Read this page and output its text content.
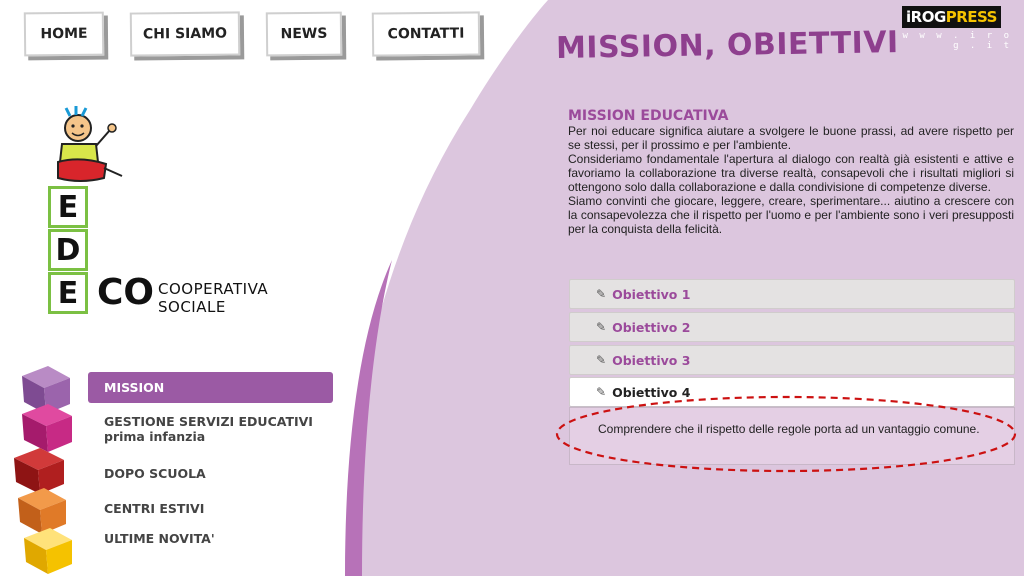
HOME	CHI SIAMO	NEWS	CONTATTI
iROGPRESS
w w w . i r o g . i t
MISSION, OBIETTIVI
MISSION EDUCATIVA

Per noi educare significa aiutare a svolgere le buone prassi, ad avere rispetto per se stessi, per il prossimo e per l'ambiente.

Consideriamo fondamentale l'apertura al dialogo con realtà già esistenti e attive e favoriamo la collaborazione tra diverse realtà, consapevoli che i risultati migliori si ottengono solo dalla collaborazione e dalla condivisione di competenze diverse.

Siamo convinti che giocare, leggere, creare, sperimentare... aiutino a crescere con la consapevolezza che il rispetto per l'uomo e per l'ambiente sono i veri presupposti per la conquista della felicità.

✎ Obiettivo 1
✎ Obiettivo 2
✎ Obiettivo 3
✎ Obiettivo 4
Comprendere che il rispetto delle regole porta ad un vantaggio comune.
E
D
E CO COOPERATIVA
SOCIALE
MISSION
GESTIONE SERVIZI EDUCATIVI prima infanzia
DOPO SCUOLA
CENTRI ESTIVI
ULTIME NOVITA'
